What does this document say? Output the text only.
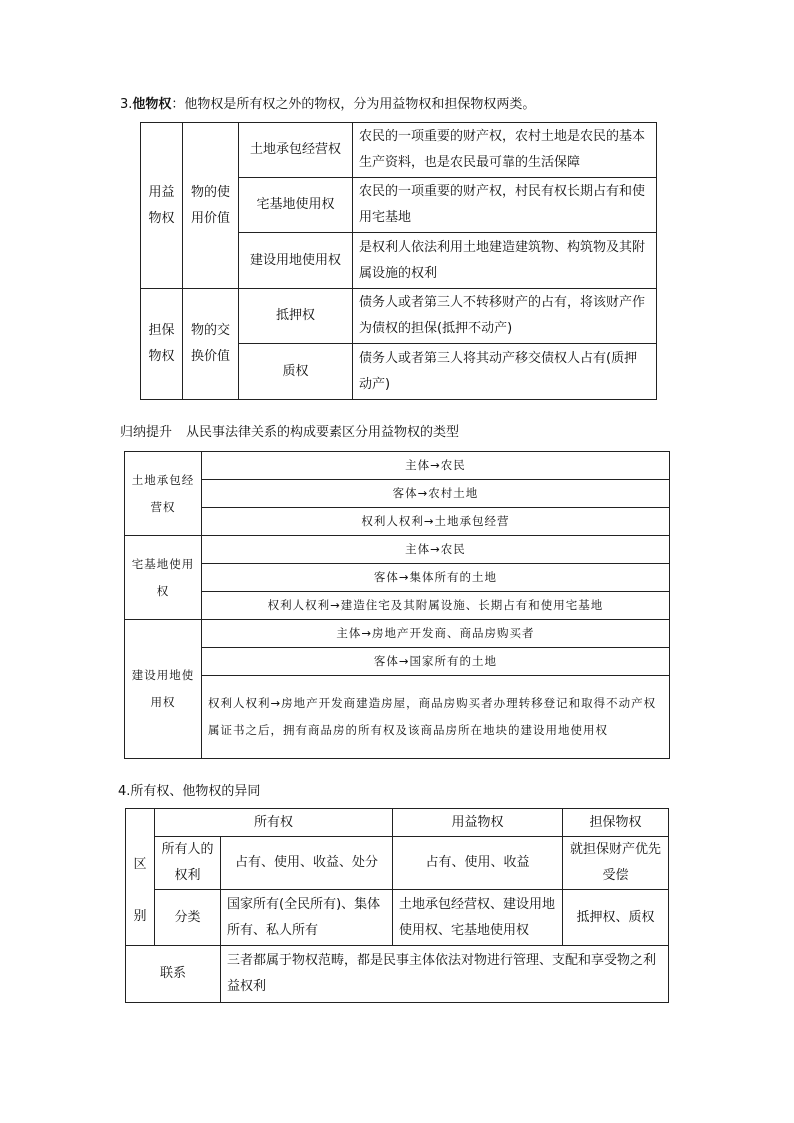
3.他物权：他物权是所有权之外的物权，分为用益物权和担保物权两类。
用益物权	物的使用价值	土地承包经营权	农民的一项重要的财产权，农村土地是农民的基本生产资料，也是农民最可靠的生活保障
		宅基地使用权	农民的一项重要的财产权，村民有权长期占有和使用宅基地
		建设用地使用权	是权利人依法利用土地建造建筑物、构筑物及其附属设施的权利
担保物权	物的交换价值	抵押权	债务人或者第三人不转移财产的占有，将该财产作为债权的担保(抵押不动产)
		质权	债务人或者第三人将其动产移交债权人占有(质押动产)
归纳提升 从民事法律关系的构成要素区分用益物权的类型
土地承包经营权	主体→农民
	客体→农村土地
	权利人权利→土地承包经营
宅基地使用权	主体→农民
	客体→集体所有的土地
	权利人权利→建造住宅及其附属设施、长期占有和使用宅基地
建设用地使用权	主体→房地产开发商、商品房购买者
	客体→国家所有的土地
	权利人权利→房地产开发商建造房屋，商品房购买者办理转移登记和取得不动产权属证书之后，拥有商品房的所有权及该商品房所在地块的建设用地使用权
4.所有权、他物权的异同
	所有权		用益物权	担保物权
区别	所有人的权利	占有、使用、收益、处分	占有、使用、收益	就担保财产优先受偿
	分类	国家所有(全民所有)、集体所有、私人所有	土地承包经营权、建设用地使用权、宅基地使用权	抵押权、质权
联系		三者都属于物权范畴，都是民事主体依法对物进行管理、支配和享受物之利益权利		
